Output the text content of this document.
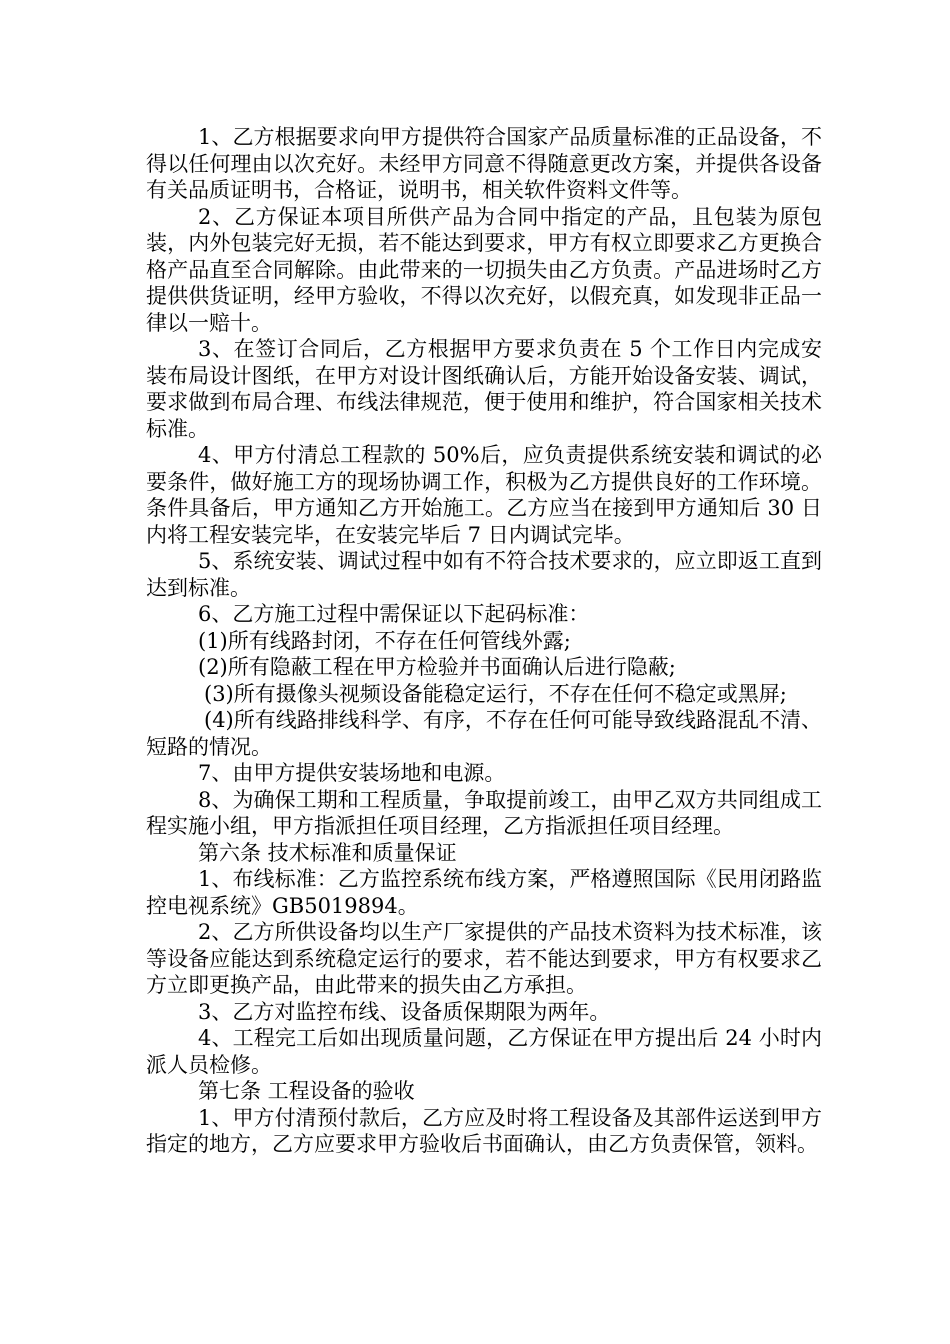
1、乙方根据要求向甲方提供符合国家产品质量标准的正品设备，不得以任何理由以次充好。未经甲方同意不得随意更改方案，并提供各设备有关品质证明书，合格证，说明书，相关软件资料文件等。

2、乙方保证本项目所供产品为合同中指定的产品，且包装为原包装，内外包装完好无损，若不能达到要求，甲方有权立即要求乙方更换合格产品直至合同解除。由此带来的一切损失由乙方负责。产品进场时乙方提供供货证明，经甲方验收，不得以次充好，以假充真，如发现非正品一律以一赔十。

3、在签订合同后，乙方根据甲方要求负责在 5 个工作日内完成安装布局设计图纸，在甲方对设计图纸确认后，方能开始设备安装、调试，要求做到布局合理、布线法律规范，便于使用和维护，符合国家相关技术标准。

4、甲方付清总工程款的 50%后，应负责提供系统安装和调试的必要条件，做好施工方的现场协调工作，积极为乙方提供良好的工作环境。条件具备后，甲方通知乙方开始施工。乙方应当在接到甲方通知后 30 日内将工程安装完毕，在安装完毕后 7 日内调试完毕。

5、系统安装、调试过程中如有不符合技术要求的，应立即返工直到达到标准。

6、乙方施工过程中需保证以下起码标准：

(1)所有线路封闭，不存在任何管线外露;

(2)所有隐蔽工程在甲方检验并书面确认后进行隐蔽;

(3)所有摄像头视频设备能稳定运行，不存在任何不稳定或黑屏;

(4)所有线路排线科学、有序，不存在任何可能导致线路混乱不清、短路的情况。

7、由甲方提供安装场地和电源。

8、为确保工期和工程质量，争取提前竣工，由甲乙双方共同组成工程实施小组，甲方指派担任项目经理，乙方指派担任项目经理。

第六条 技术标准和质量保证

1、布线标准：乙方监控系统布线方案，严格遵照国际《民用闭路监控电视系统》GB5019894。

2、乙方所供设备均以生产厂家提供的产品技术资料为技术标准，该等设备应能达到系统稳定运行的要求，若不能达到要求，甲方有权要求乙方立即更换产品，由此带来的损失由乙方承担。

3、乙方对监控布线、设备质保期限为两年。

4、工程完工后如出现质量问题，乙方保证在甲方提出后 24 小时内派人员检修。

第七条 工程设备的验收

1、甲方付清预付款后，乙方应及时将工程设备及其部件运送到甲方指定的地方，乙方应要求甲方验收后书面确认，由乙方负责保管，领料。
